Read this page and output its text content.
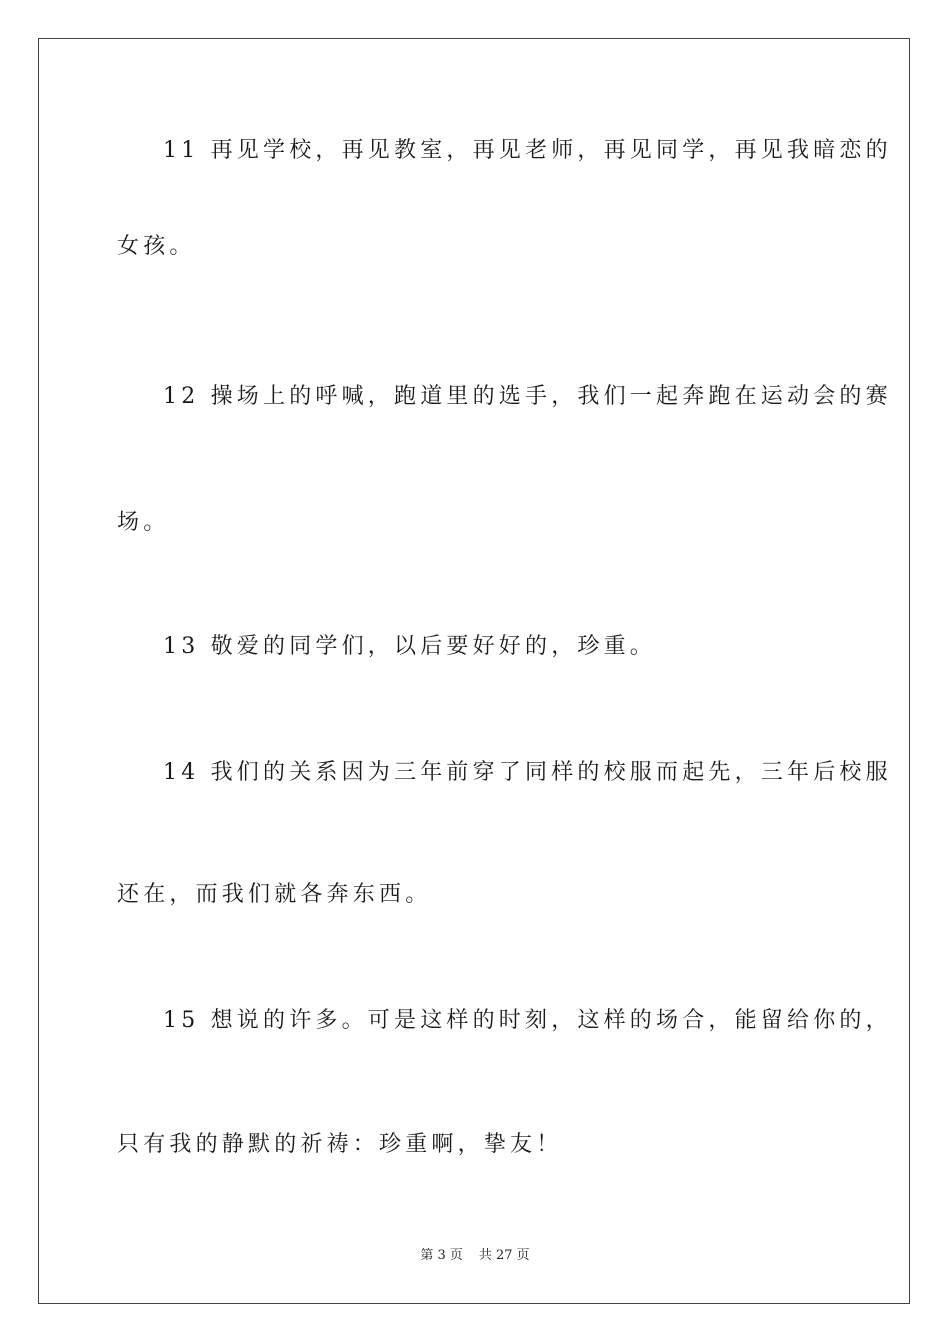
11 再见学校，再见教室，再见老师，再见同学，再见我暗恋的
女孩。
12 操场上的呼喊，跑道里的选手，我们一起奔跑在运动会的赛
场。
13 敬爱的同学们，以后要好好的，珍重。
14 我们的关系因为三年前穿了同样的校服而起先，三年后校服
还在，而我们就各奔东西。
15 想说的许多。可是这样的时刻，这样的场合，能留给你的，
只有我的静默的祈祷：珍重啊，挚友！
第 3 页 共 27 页
